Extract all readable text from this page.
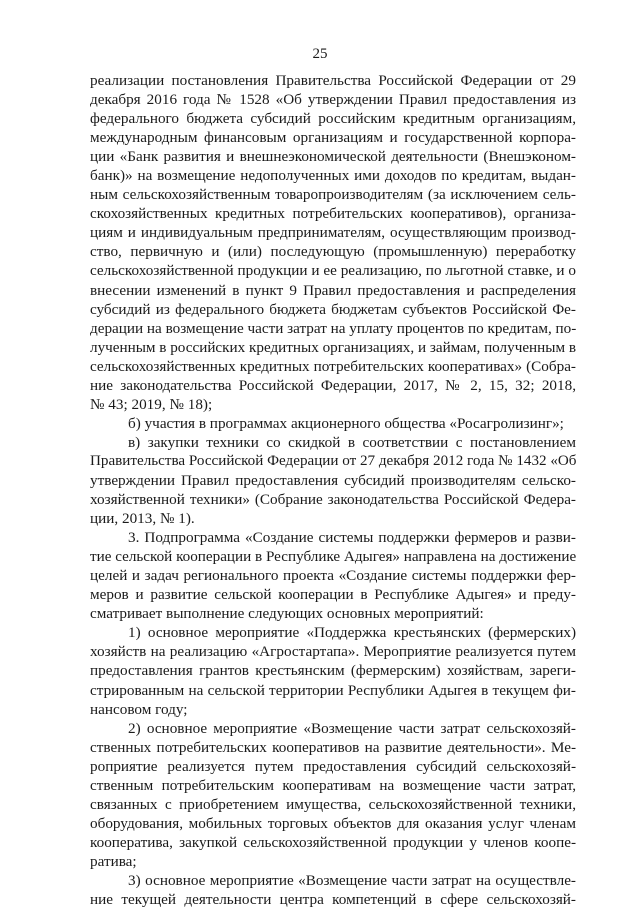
25
реализации постановления Правительства Российской Федерации от 29
декабря 2016 года № 1528 «Об утверждении Правил предоставления из
федерального бюджета субсидий российским кредитным организациям,
международным финансовым организациям и государственной корпора-
ции «Банк развития и внешнеэкономической деятельности (Внешэконом-
банк)» на возмещение недополученных ими доходов по кредитам, выдан-
ным сельскохозяйственным товаропроизводителям (за исключением сель-
скохозяйственных кредитных потребительских кооперативов), организа-
циям и индивидуальным предпринимателям, осуществляющим производ-
ство, первичную и (или) последующую (промышленную) переработку
сельскохозяйственной продукции и ее реализацию, по льготной ставке, и о
внесении изменений в пункт 9 Правил предоставления и распределения
субсидий из федерального бюджета бюджетам субъектов Российской Фе-
дерации на возмещение части затрат на уплату процентов по кредитам, по-
лученным в российских кредитных организациях, и займам, полученным в
сельскохозяйственных кредитных потребительских кооперативах» (Собра-
ние законодательства Российской Федерации, 2017, № 2, 15, 32; 2018,
№ 43; 2019, № 18);
б) участия в программах акционерного общества «Росагролизинг»;
в) закупки техники со скидкой в соответствии с постановлением
Правительства Российской Федерации от 27 декабря 2012 года № 1432 «Об
утверждении Правил предоставления субсидий производителям сельско-
хозяйственной техники» (Собрание законодательства Российской Федера-
ции, 2013, № 1).
3. Подпрограмма «Создание системы поддержки фермеров и разви-
тие сельской кооперации в Республике Адыгея» направлена на достижение
целей и задач регионального проекта «Создание системы поддержки фер-
меров и развитие сельской кооперации в Республике Адыгея» и преду-
сматривает выполнение следующих основных мероприятий:
1) основное мероприятие «Поддержка крестьянских (фермерских)
хозяйств на реализацию «Агростартапа». Мероприятие реализуется путем
предоставления грантов крестьянским (фермерским) хозяйствам, зареги-
стрированным на сельской территории Республики Адыгея в текущем фи-
нансовом году;
2) основное мероприятие «Возмещение части затрат сельскохозяй-
ственных потребительских кооперативов на развитие деятельности». Ме-
роприятие реализуется путем предоставления субсидий сельскохозяй-
ственным потребительским кооперативам на возмещение части затрат,
связанных с приобретением имущества, сельскохозяйственной техники,
оборудования, мобильных торговых объектов для оказания услуг членам
кооператива, закупкой сельскохозяйственной продукции у членов коопе-
ратива;
3) основное мероприятие «Возмещение части затрат на осуществле-
ние текущей деятельности центра компетенций в сфере сельскохозяй-
